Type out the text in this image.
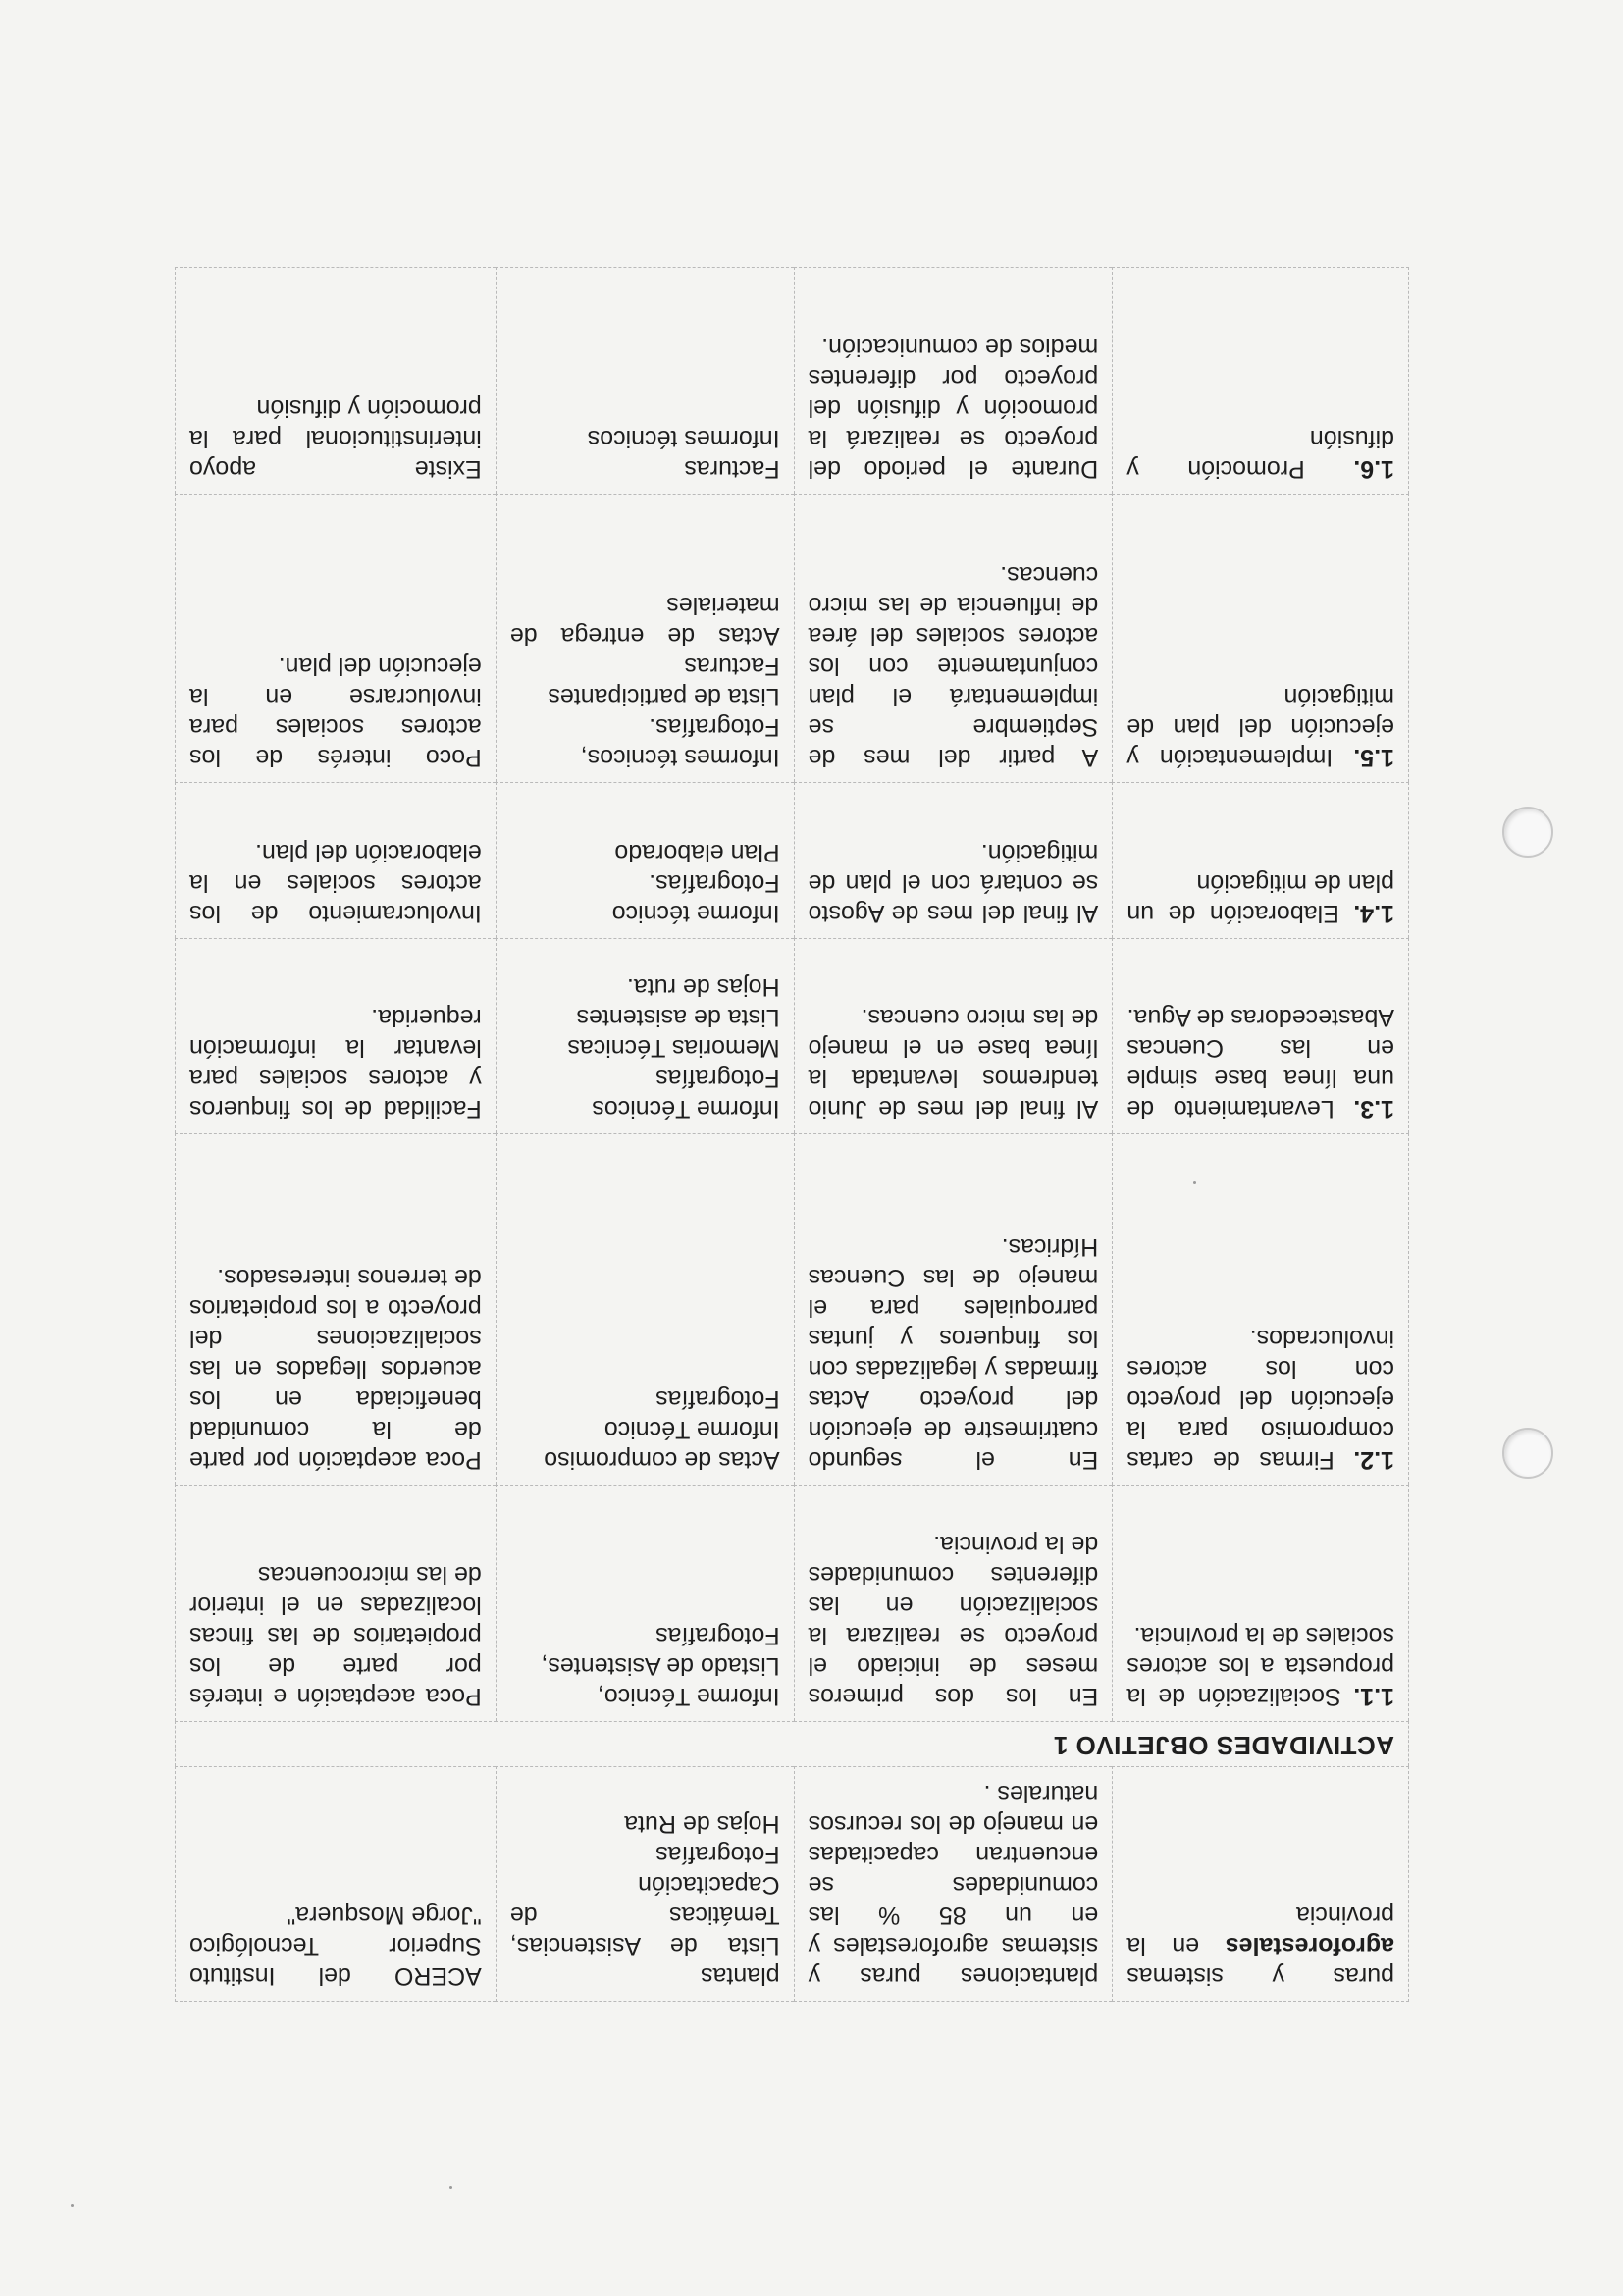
puras y sistemas agroforestales en la provincia	plantaciones puras y sistemas agroforestales y en un 85 % las comunidades se encuentran capacitadas en manejo de los recursos naturales .	plantas
Lista de Asistencias, Temáticas de Capacitación
Fotografías
Hojas de Ruta	ACERO del Instituto Superior Tecnológico "Jorge Mosquera"

ACTIVIDADES OBJETIVO 1			
1.1. Socialización de la propuesta a los actores sociales de la provincia.	En los dos primeros meses de iniciado el proyecto se realizara la socialización en las diferentes comunidades de la provincia.	Informe Técnico,
Listado de Asistentes,
Fotografías	Poca aceptación e interés por parte de los propietarios de las fincas localizadas en el interior de las microcuencas

1.2. Firmas de cartas compromiso para la ejecución del proyecto con los actores involucrados.	En el segundo cuatrimestre de ejecución del proyecto Actas firmadas y legalizadas con los finqueros y juntas parroquiales para el manejo de las Cuencas Hídricas.	Actas de compromiso
Informe Técnico
Fotografías	Poca aceptación por parte de la comunidad beneficiada en los acuerdos llegados en las socializaciones del proyecto a los propietarios de terrenos interesados.

1.3. Levantamiento de una línea base simple en las Cuencas Abastecedoras de Agua.	Al final del mes de Junio tendremos levantada la línea base en el manejo de las micro cuencas.	Informe Técnicos
Fotografías
Memorias Técnicas
Lista de asistentes
Hojas de ruta.	Facilidad de los finqueros y actores sociales para levantar la información requerida.

1.4. Elaboración de un plan de mitigación	Al final del mes de Agosto se contará con el plan de mitigación.	Informe técnico
Fotografías.
Plan elaborado	Involucramiento de los actores sociales en la elaboración del plan.

1.5. Implementación y ejecución del plan de mitigación	A partir del mes de Septiembre se implementará el plan conjuntamente con los actores sociales del área de influencia de las micro cuencas.	Informes técnicos,
Fotografías.
Lista de participantes
Facturas
Actas de entrega de materiales	Poco interés de los actores sociales para involucrarse en la ejecución del plan.

1.6. Promoción y difusión	Durante el periodo del proyecto se realizará la promoción y difusión del proyecto por diferentes medios de comunicación.	Facturas
Informes técnicos	Existe apoyo interinstitucional para la promoción y difusión
